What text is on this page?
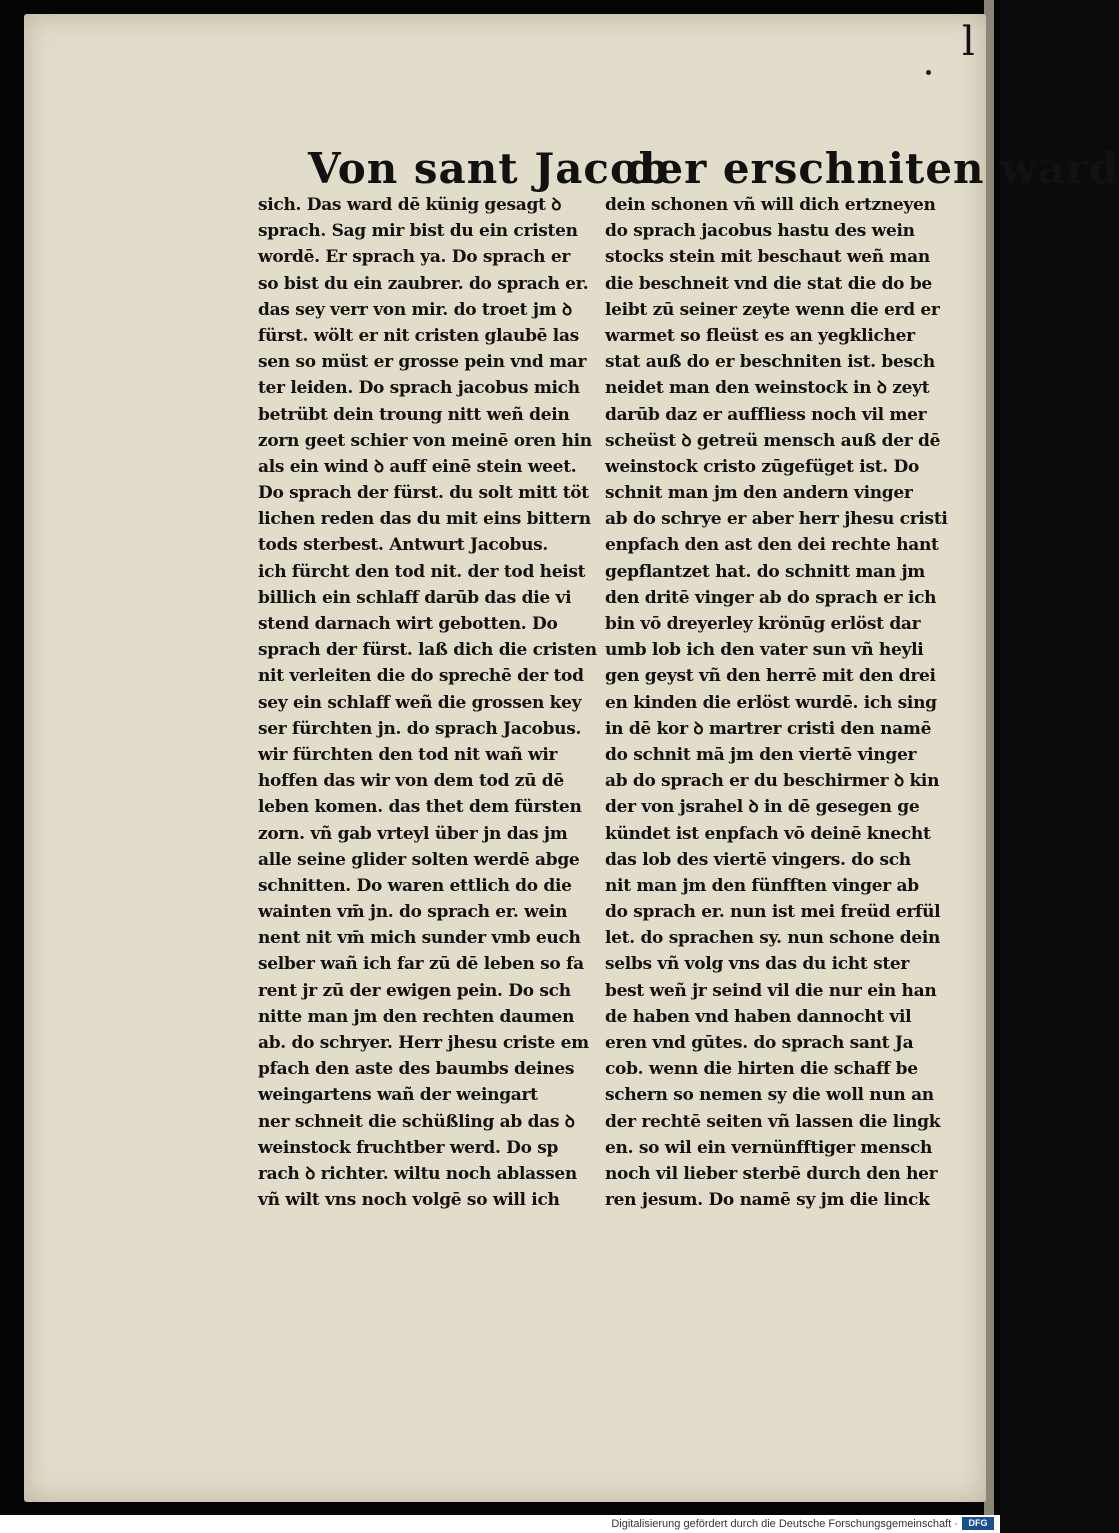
l
Von sant Jacob
der erschniten ward
sich. Das ward dē künig gesagt ꝺ
sprach. Sag mir bist du ein cristen
wordē. Er sprach ya. Do sprach er
so bist du ein zaubrer. do sprach er.
das sey verr von mir. do troet jm ꝺ
fürst. wölt er nit cristen glaubē las
sen so müst er grosse pein vnd mar
ter leiden. Do sprach jacobus mich
betrübt dein troung nitt weñ dein
zorn geet schier von meinē oren hin
als ein wind ꝺ auff einē stein weet.
Do sprach der fürst. du solt mitt töt
lichen reden das du mit eins bittern
tods sterbest. Antwurt Jacobus.
ich fürcht den tod nit. der tod heist
billich ein schlaff darūb das die vi
stend darnach wirt gebotten. Do
sprach der fürst. laß dich die cristen
nit verleiten die do sprechē der tod
sey ein schlaff weñ die grossen key
ser fürchten jn. do sprach Jacobus.
wir fürchten den tod nit wañ wir
hoffen das wir von dem tod zū dē
leben komen. das thet dem fürsten
zorn. vñ gab vrteyl über jn das jm
alle seine glider solten werdē abge
schnitten. Do waren ettlich do die
wainten vm̄ jn. do sprach er. wein
nent nit vm̄ mich sunder vmb euch
selber wañ ich far zū dē leben so fa
rent jr zū der ewigen pein. Do sch
nitte man jm den rechten daumen
ab. do schryer. Herr jhesu criste em
pfach den aste des baumbs deines
weingartens wañ der weingart
ner schneit die schüßling ab das ꝺ
weinstock fruchtber werd. Do sp
rach ꝺ richter. wiltu noch ablassen
vñ wilt vns noch volgē so will ich
dein schonen vñ will dich ertzneyen
do sprach jacobus hastu des wein
stocks stein mit beschaut weñ man
die beschneit vnd die stat die do be
leibt zū seiner zeyte wenn die erd er
warmet so fleüst es an yegklicher
stat auß do er beschniten ist. besch
neidet man den weinstock in ꝺ zeyt
darūb daz er auffliess noch vil mer
scheüst ꝺ getreü mensch auß der dē
weinstock cristo zūgefüget ist. Do
schnit man jm den andern vinger
ab do schrye er aber herr jhesu cristi
enpfach den ast den dei rechte hant
gepflantzet hat. do schnitt man jm
den dritē vinger ab do sprach er ich
bin vō dreyerley krönūg erlöst dar
umb lob ich den vater sun vñ heyli
gen geyst vñ den herrē mit den drei
en kinden die erlöst wurdē. ich sing
in dē kor ꝺ martrer cristi den namē
do schnit mā jm den viertē vinger
ab do sprach er du beschirmer ꝺ kin
der von jsrahel ꝺ in dē gesegen ge
kündet ist enpfach vō deinē knecht
das lob des viertē vingers. do sch
nit man jm den fünfften vinger ab
do sprach er. nun ist mei freüd erfül
let. do sprachen sy. nun schone dein
selbs vñ volg vns das du icht ster
best weñ jr seind vil die nur ein han
de haben vnd haben dannocht vil
eren vnd gūtes. do sprach sant Ja
cob. wenn die hirten die schaff be
schern so nemen sy die woll nun an
der rechtē seiten vñ lassen die lingk
en. so wil ein vernünfftiger mensch
noch vil lieber sterbē durch den her
ren jesum. Do namē sy jm die linck
Digitalisierung gefördert durch die Deutsche Forschungsgemeinschaft ·	DFG
